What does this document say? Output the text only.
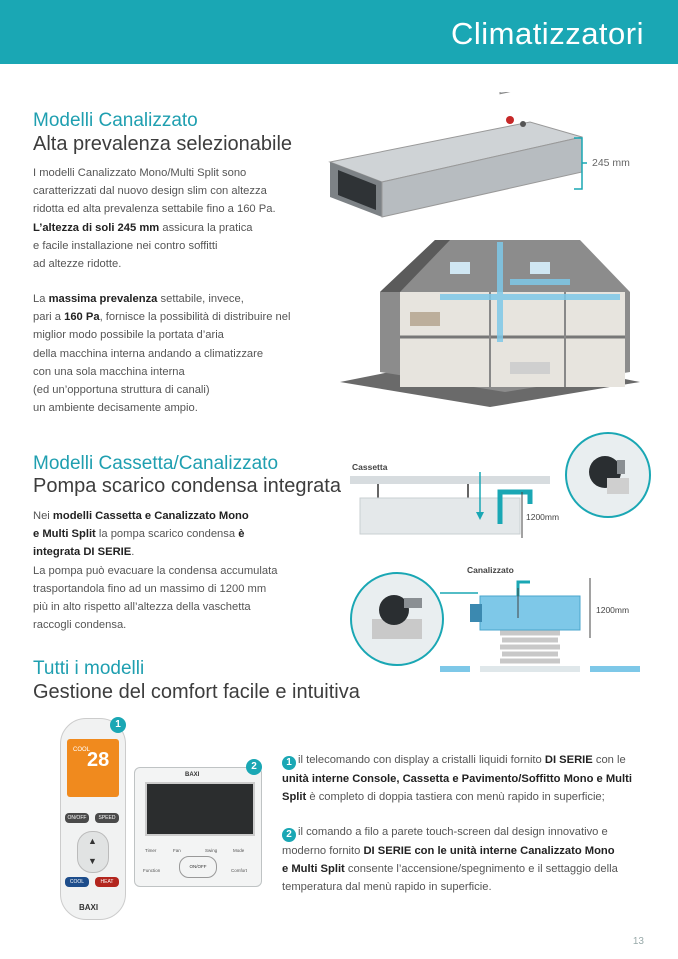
Climatizzatori
Modelli Canalizzato
Alta prevalenza selezionabile
I modelli Canalizzato Mono/Multi Split sono
caratterizzati dal nuovo design slim con altezza
ridotta ed alta prevalenza settabile fino a 160 Pa.
L’altezza di soli 245 mm assicura la pratica
e facile installazione nei contro soffitti
ad altezze ridotte.
La massima prevalenza settabile, invece,
pari a 160 Pa, fornisce la possibilità di distribuire nel
miglior modo possibile la portata d’aria
della macchina interna andando a climatizzare
con una sola macchina interna
(ed un’opportuna struttura di canali)
un ambiente decisamente ampio.
245 mm
Modelli Cassetta/Canalizzato
Pompa scarico condensa integrata
Nei modelli Cassetta e Canalizzato Mono
e Multi Split la pompa scarico condensa è
integrata DI SERIE.
La pompa può evacuare la condensa accumulata
trasportandola fino ad un massimo di 1200 mm
più in alto rispetto all’altezza della vaschetta
raccogli condensa.
Cassetta
1200mm
Canalizzato
1200mm
Tutti i modelli
Gestione del comfort facile e intuitiva
COOL
28
ON/OFF	SPEED
▲
▼
COOL	HEAT
BAXI
1
BAXI
Timer	Fan	Swing	Mode
ON/OFF
Function	Comfort
2	1 il telecomando con display a cristalli liquidi fornito DI SERIE con le
unità interne Console, Cassetta e Pavimento/Soffitto Mono e Multi
Split è completo di doppia tastiera con menù rapido in superficie;
2 il comando a filo a parete touch-screen dal design innovativo e
moderno fornito DI SERIE con le unità interne Canalizzato Mono
e Multi Split consente l’accensione/spegnimento e il settaggio della
temperatura dal menù rapido in superficie.
13
